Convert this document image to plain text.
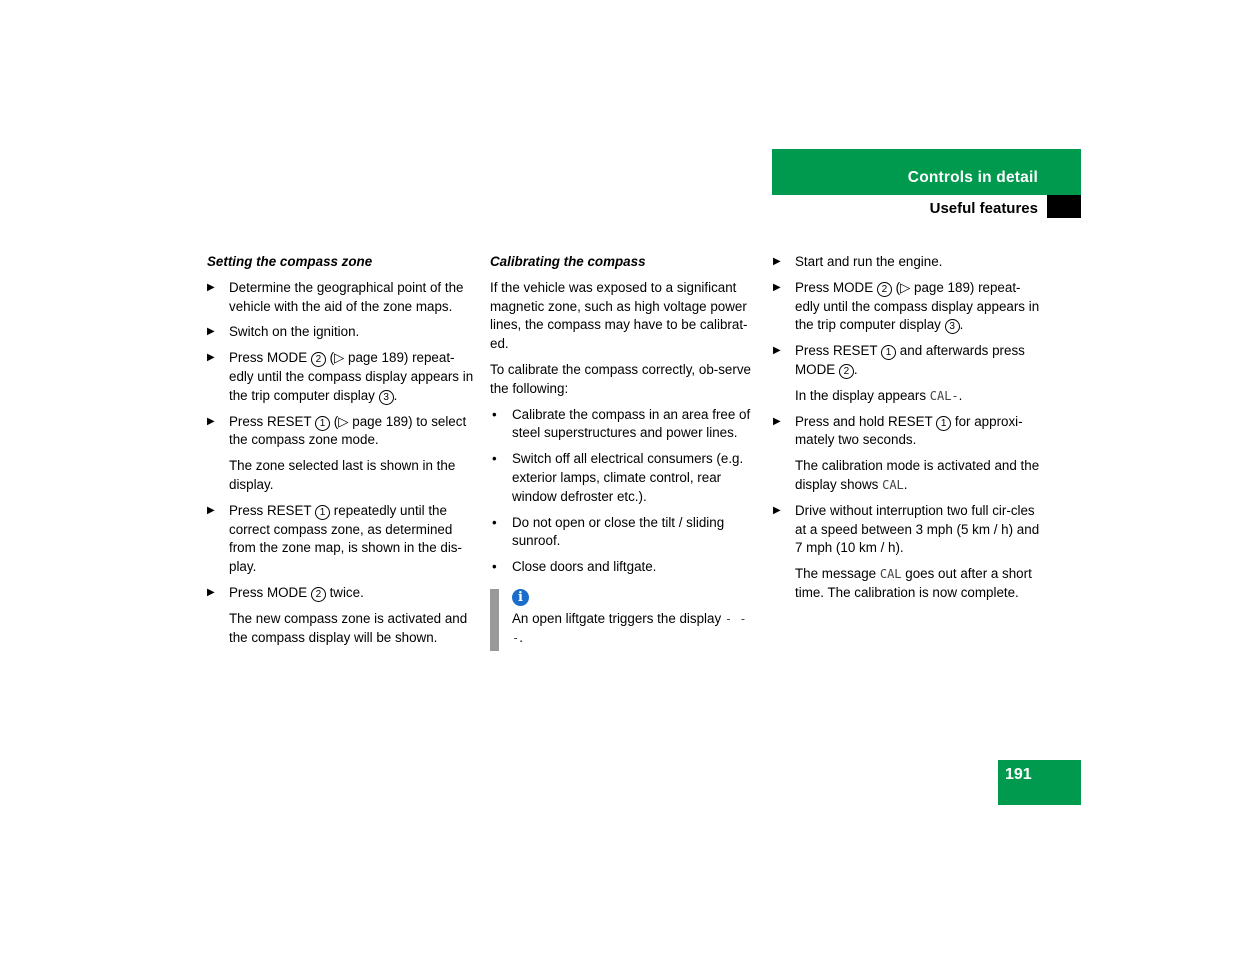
Controls in detail
Useful features
Setting the compass zone
▶ Determine the geographical point of the vehicle with the aid of the zone maps.
▶ Switch on the ignition.
▶ Press MODE 2 (▷ page 189) repeat-edly until the compass display appears in the trip computer display 3 .
▶ Press RESET 1 (▷ page 189) to select the compass zone mode.
The zone selected last is shown in the display.
▶ Press RESET 1 repeatedly until the correct compass zone, as determined from the zone map, is shown in the dis-play.
▶ Press MODE 2 twice.
The new compass zone is activated and the compass display will be shown.
Calibrating the compass
If the vehicle was exposed to a significant magnetic zone, such as high voltage power lines, the compass may have to be calibrat-ed.
To calibrate the compass correctly, ob-serve the following:
• Calibrate the compass in an area free of steel superstructures and power lines.
• Switch off all electrical consumers (e.g. exterior lamps, climate control, rear window defroster etc.).
• Do not open or close the tilt / sliding sunroof.
• Close doors and liftgate.
i
An open liftgate triggers the display - - -.
▶ Start and run the engine.
▶ Press MODE 2 (▷ page 189) repeat-edly until the compass display appears in the trip computer display 3 .
▶ Press RESET 1 and afterwards press MODE 2 .
In the display appears CAL-.
▶ Press and hold RESET 1 for approxi-mately two seconds.
The calibration mode is activated and the display shows CAL.
▶ Drive without interruption two full cir-cles at a speed between 3 mph (5 km / h) and 7 mph (10 km / h).
The message CAL goes out after a short time. The calibration is now complete.
191
